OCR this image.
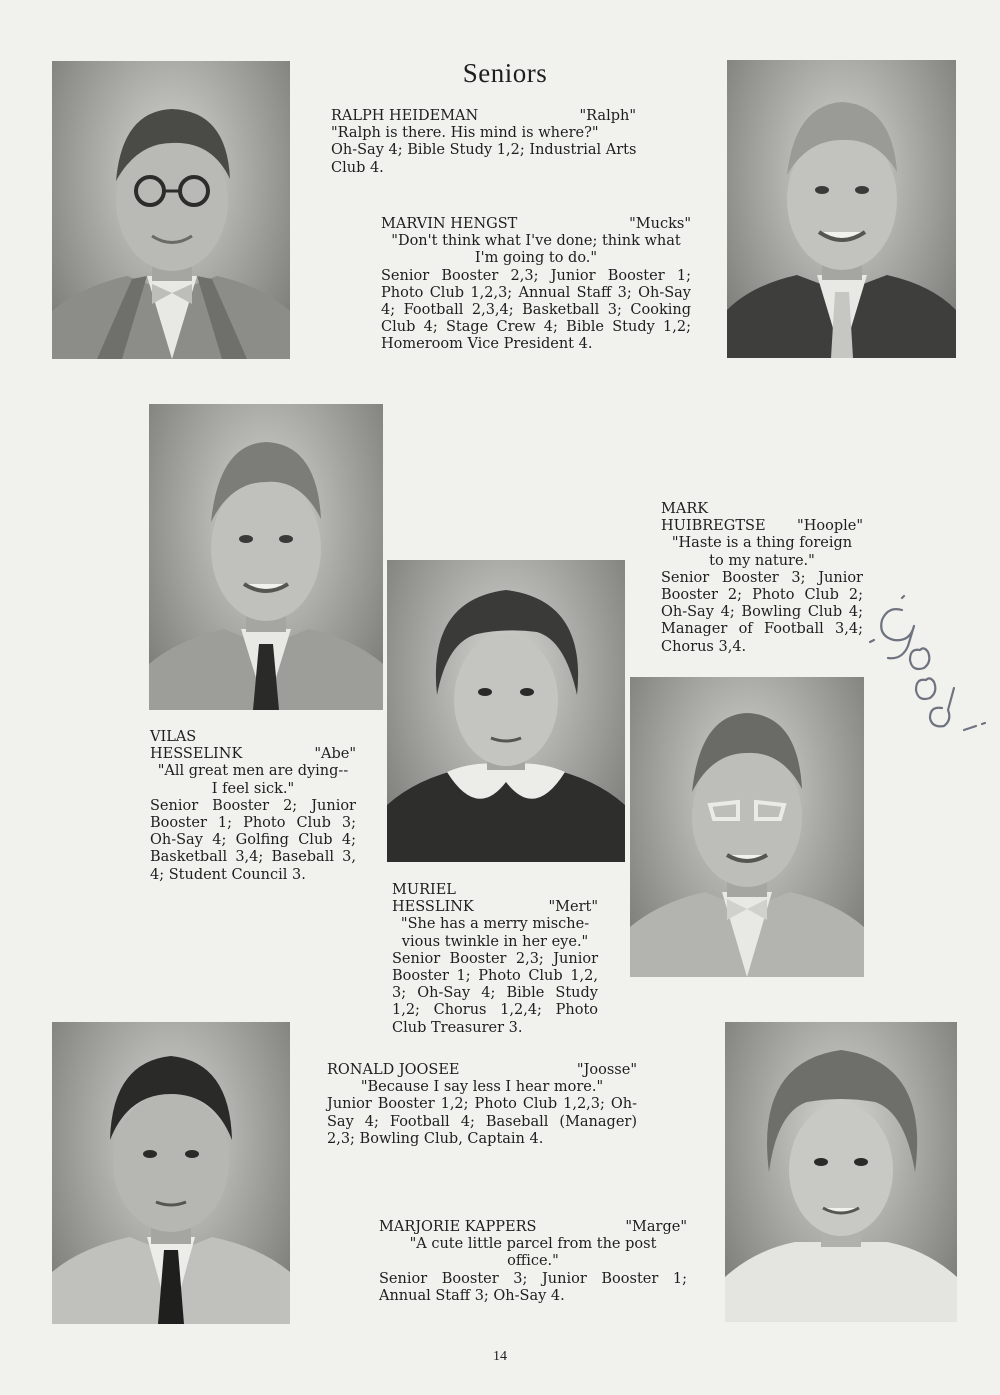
Seniors
RALPH HEIDEMAN	"Ralph"
"Ralph is there. His mind is where?"
Oh-Say 4; Bible Study 1,2; Industrial Arts Club 4.
MARVIN HENGST	"Mucks"
"Don't think what I've done; think what
I'm going to do."
Senior Booster 2,3; Junior Booster 1; Photo Club 1,2,3; Annual Staff 3; Oh-Say 4; Football 2,3,4; Basketball 3; Cooking Club 4; Stage Crew 4; Bible Study 1,2; Homeroom Vice President 4.
MARK
HUIBREGTSE "Hoople"
"Haste is a thing foreign
to my nature."
Senior Booster 3; Junior Booster 2; Photo Club 2; Oh-Say 4; Bowling Club 4; Manager of Football 3,4; Chorus 3,4.
VILAS
HESSELINK	"Abe"
"All great men are dying--
I feel sick."
Senior Booster 2; Junior Booster 1; Photo Club 3; Oh-Say 4; Golfing Club 4; Basketball 3,4; Baseball 3, 4; Student Council 3.
MURIEL
HESSLINK	"Mert"
"She has a merry mische-
vious twinkle in her eye."
Senior Booster 2,3; Junior Booster 1; Photo Club 1,2, 3; Oh-Say 4; Bible Study 1,2; Chorus 1,2,4; Photo Club Treasurer 3.
RONALD JOOSEE	"Joosse"
"Because I say less I hear more."
Junior Booster 1,2; Photo Club 1,2,3; Oh-Say 4; Football 4; Baseball (Manager) 2,3; Bowling Club, Captain 4.
MARJORIE KAPPERS	"Marge"
"A cute little parcel from the post
office."
Senior Booster 3; Junior Booster 1; Annual Staff 3; Oh-Say 4.
14
